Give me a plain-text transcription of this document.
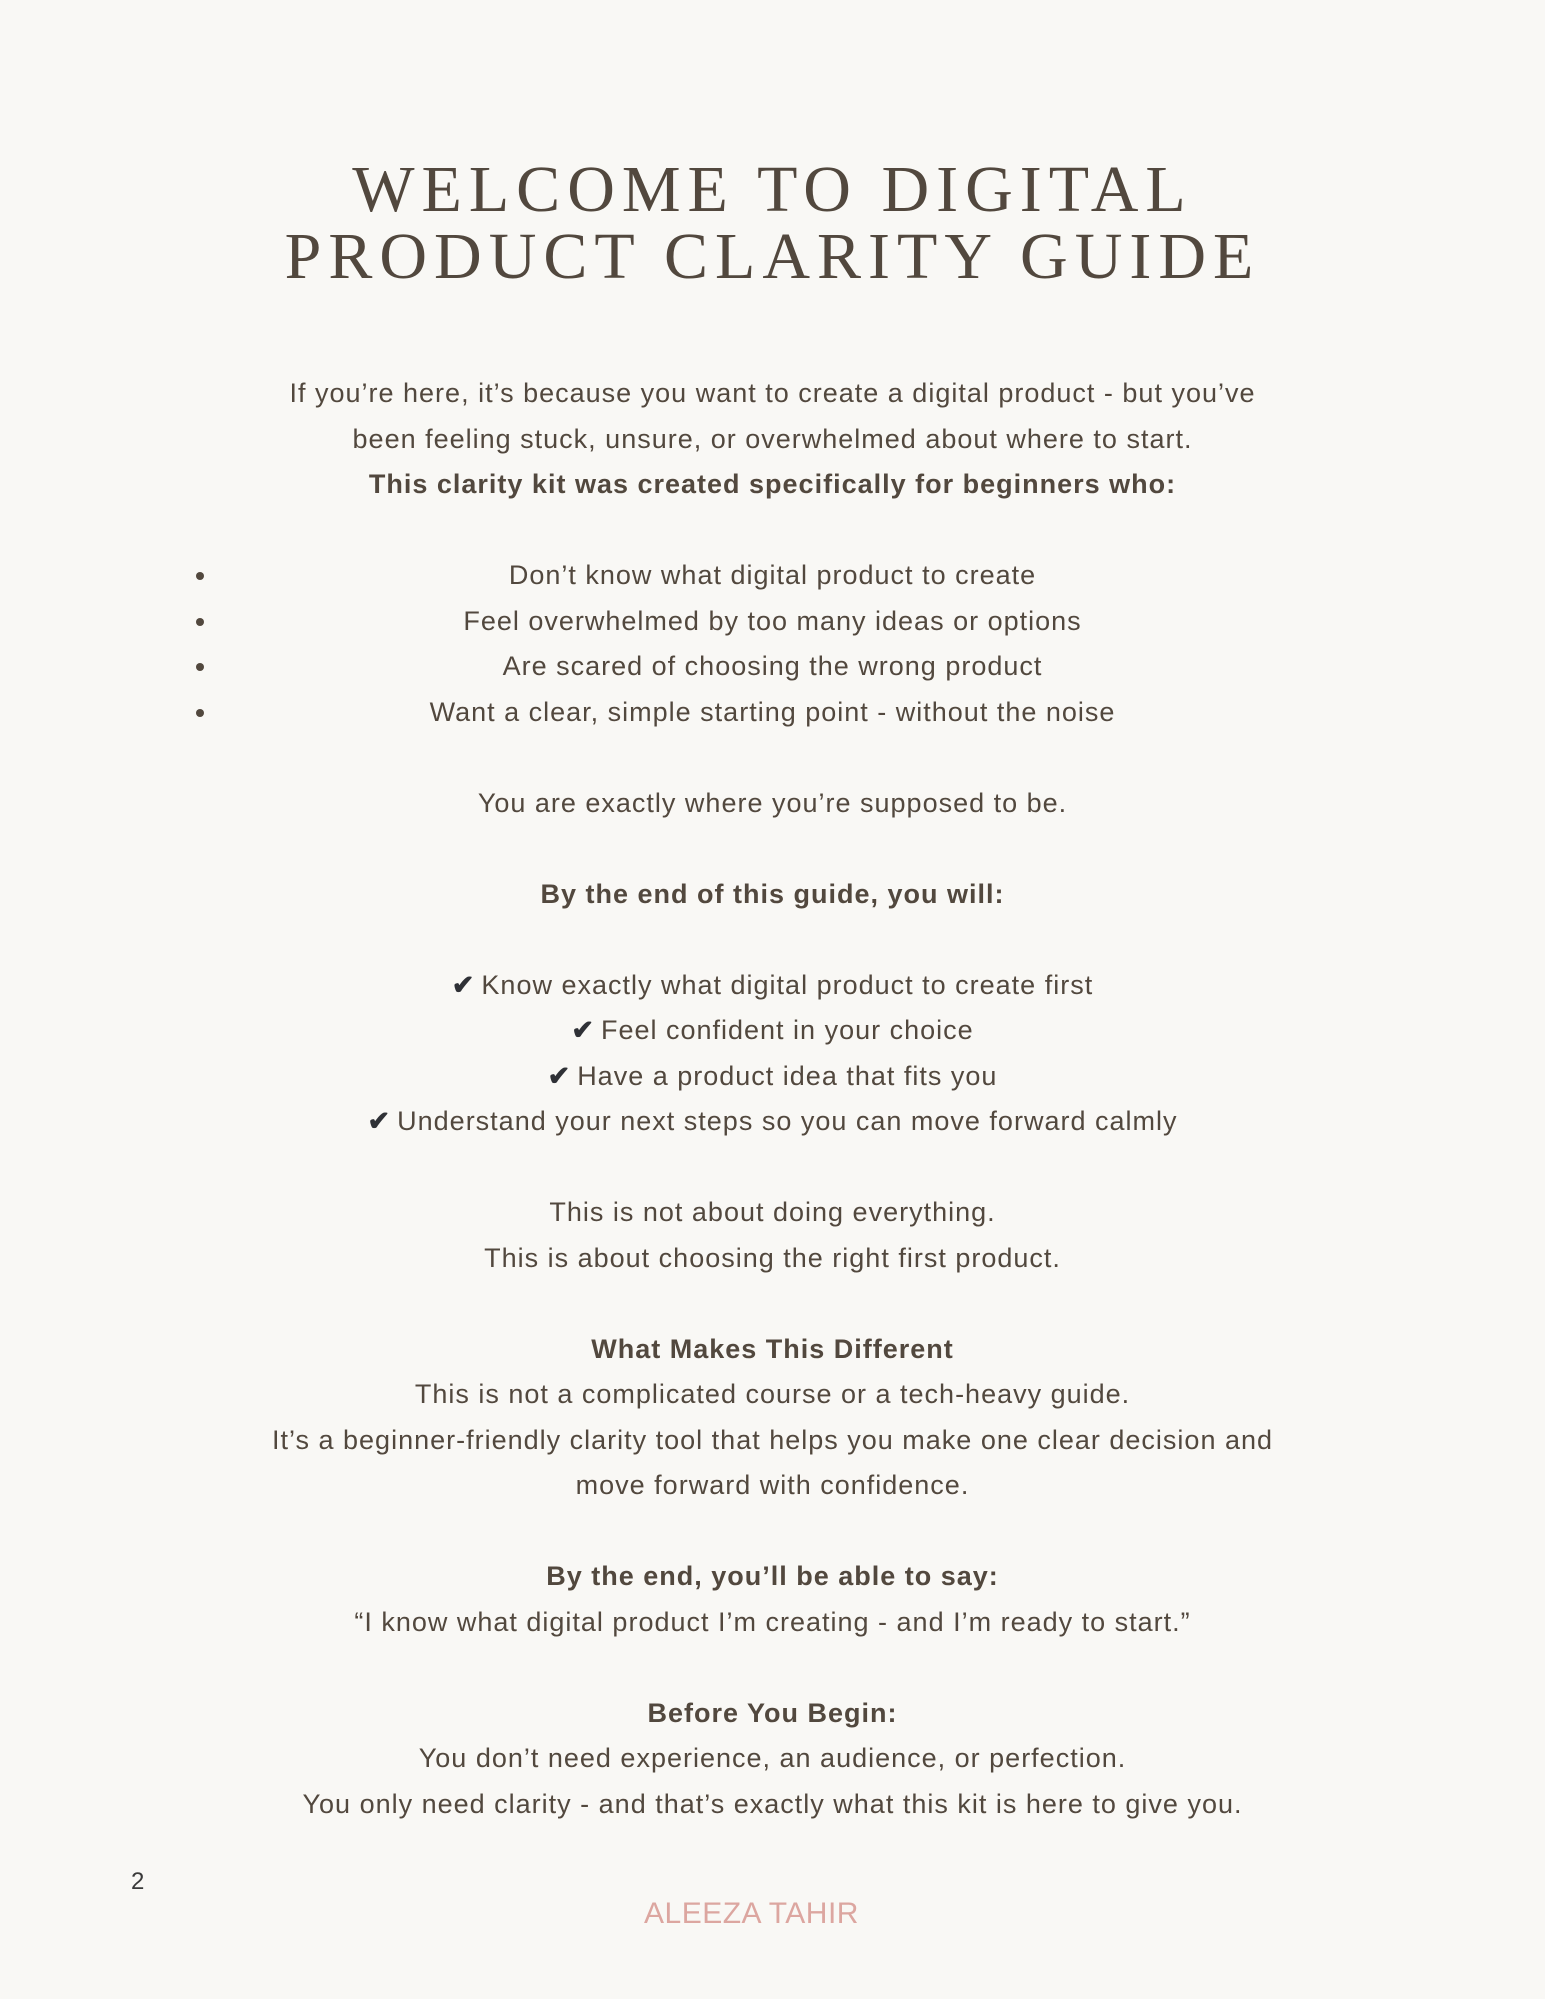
WELCOME TO DIGITAL
PRODUCT CLARITY GUIDE
If you’re here, it’s because you want to create a digital product - but you’ve
been feeling stuck, unsure, or overwhelmed about where to start.
This clarity kit was created specifically for beginners who:
Don’t know what digital product to create
Feel overwhelmed by too many ideas or options
Are scared of choosing the wrong product
Want a clear, simple starting point - without the noise
You are exactly where you’re supposed to be.
By the end of this guide, you will:
✔ Know exactly what digital product to create first
✔ Feel confident in your choice
✔ Have a product idea that fits you
✔ Understand your next steps so you can move forward calmly
This is not about doing everything.
This is about choosing the right first product.
What Makes This Different
This is not a complicated course or a tech-heavy guide.
It’s a beginner-friendly clarity tool that helps you make one clear decision and
move forward with confidence.
By the end, you’ll be able to say:
“I know what digital product I’m creating - and I’m ready to start.”
Before You Begin:
You don’t need experience, an audience, or perfection.
You only need clarity - and that’s exactly what this kit is here to give you.
2
ALEEZA TAHIR
